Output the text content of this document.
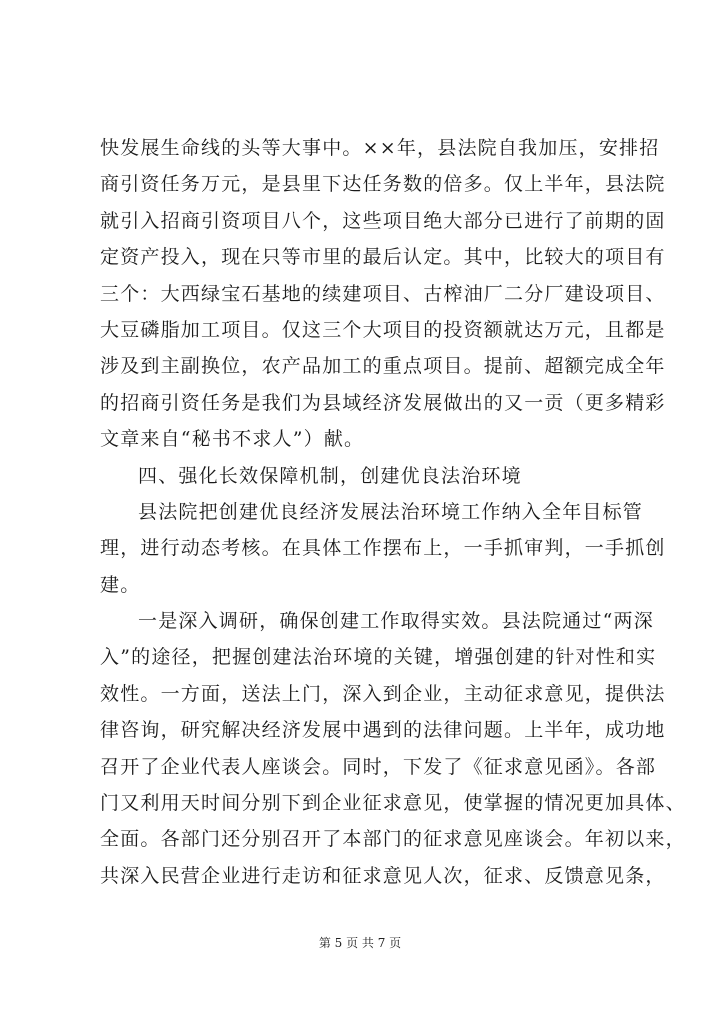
快发展生命线的头等大事中。××年，县法院自我加压，安排招
商引资任务万元，是县里下达任务数的倍多。仅上半年，县法院
就引入招商引资项目八个，这些项目绝大部分已进行了前期的固
定资产投入，现在只等市里的最后认定。其中，比较大的项目有
三个：大西绿宝石基地的续建项目、古榨油厂二分厂建设项目、
大豆磷脂加工项目。仅这三个大项目的投资额就达万元，且都是
涉及到主副换位，农产品加工的重点项目。提前、超额完成全年
的招商引资任务是我们为县域经济发展做出的又一贡（更多精彩
文章来自“秘书不求人”）献。
四、强化长效保障机制，创建优良法治环境
县法院把创建优良经济发展法治环境工作纳入全年目标管
理，进行动态考核。在具体工作摆布上，一手抓审判，一手抓创
建。
一是深入调研，确保创建工作取得实效。县法院通过“两深
入”的途径，把握创建法治环境的关键，增强创建的针对性和实
效性。一方面，送法上门，深入到企业，主动征求意见，提供法
律咨询，研究解决经济发展中遇到的法律问题。上半年，成功地
召开了企业代表人座谈会。同时，下发了《征求意见函》。各部
门又利用天时间分别下到企业征求意见，使掌握的情况更加具体、
全面。各部门还分别召开了本部门的征求意见座谈会。年初以来，
共深入民营企业进行走访和征求意见人次，征求、反馈意见条，
第 5 页 共 7 页
